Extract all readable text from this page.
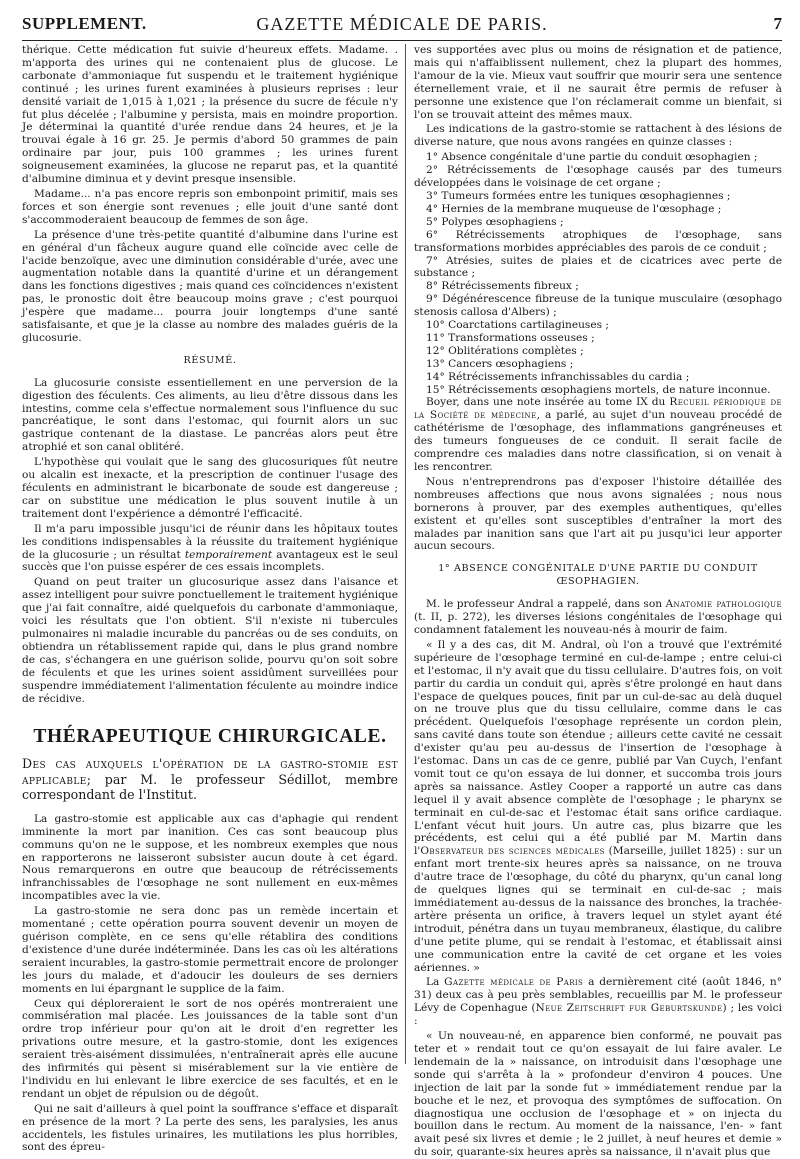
SUPPLEMENT.	GAZETTE MÉDICALE DE PARIS.	7

thérique. Cette médication fut suivie d'heureux effets. Madame. . m'apporta des urines qui ne contenaient plus de glucose. Le carbonate d'ammoniaque fut suspendu et le traitement hygiénique continué ; les urines furent examinées à plusieurs reprises : leur densité variait de 1,015 à 1,021 ; la présence du sucre de fécule n'y fut plus décelée ; l'albumine y persista, mais en moindre proportion. Je déterminai la quantité d'urée rendue dans 24 heures, et je la trouvai égale à 16 gr. 25. Je permis d'abord 50 grammes de pain ordinaire par jour, puis 100 grammes ; les urines furent soigneusement examinées, la glucose ne reparut pas, et la quantité d'albumine diminua et y devint presque insensible.

Madame... n'a pas encore repris son embonpoint primitif, mais ses forces et son énergie sont revenues ; elle jouit d'une santé dont s'accommoderaient beaucoup de femmes de son âge.

La présence d'une très-petite quantité d'albumine dans l'urine est en général d'un fâcheux augure quand elle coïncide avec celle de l'acide benzoïque, avec une diminution considérable d'urée, avec une augmentation notable dans la quantité d'urine et un dérangement dans les fonctions digestives ; mais quand ces coïncidences n'existent pas, le pronostic doit être beaucoup moins grave ; c'est pourquoi j'espère que madame... pourra jouir longtemps d'une santé satisfaisante, et que je la classe au nombre des malades guéris de la glucosurie.

RÉSUMÉ.

La glucosurie consiste essentiellement en une perversion de la digestion des féculents. Ces aliments, au lieu d'être dissous dans les intestins, comme cela s'effectue normalement sous l'influence du suc pancréatique, le sont dans l'estomac, qui fournit alors un suc gastrique contenant de la diastase. Le pancréas alors peut être atrophié et son canal oblitéré.

L'hypothèse qui voulait que le sang des glucosuriques fût neutre ou alcalin est inexacte, et la prescription de continuer l'usage des féculents en administrant le bicarbonate de soude est dangereuse ; car on substitue une médication le plus souvent inutile à un traitement dont l'expérience a démontré l'efficacité.

Il m'a paru impossible jusqu'ici de réunir dans les hôpitaux toutes les conditions indispensables à la réussite du traitement hygiénique de la glucosurie ; un résultat temporairement avantageux est le seul succès que l'on puisse espérer de ces essais incomplets.

Quand on peut traiter un glucosurique assez dans l'aisance et assez intelligent pour suivre ponctuellement le traitement hygiénique que j'ai fait connaître, aidé quelquefois du carbonate d'ammoniaque, voici les résultats que l'on obtient. S'il n'existe ni tubercules pulmonaires ni maladie incurable du pancréas ou de ses conduits, on obtiendra un rétablissement rapide qui, dans le plus grand nombre de cas, s'échangera en une guérison solide, pourvu qu'on soit sobre de féculents et que les urines soient assidûment surveillées pour suspendre immédiatement l'alimentation féculente au moindre indice de récidive.

THÉRAPEUTIQUE CHIRURGICALE.
Des cas auxquels l'opération de la gastro-stomie est applicable; par M. le professeur Sédillot, membre correspondant de l'Institut.

La gastro-stomie est applicable aux cas d'aphagie qui rendent imminente la mort par inanition. Ces cas sont beaucoup plus communs qu'on ne le suppose, et les nombreux exemples que nous en rapporterons ne laisseront subsister aucun doute à cet égard. Nous remarquerons en outre que beaucoup de rétrécissements infranchissables de l'œsophage ne sont nullement en eux-mêmes incompatibles avec la vie.

La gastro-stomie ne sera donc pas un remède incertain et momentané ; cette opération pourra souvent devenir un moyen de guérison complète, en ce sens qu'elle rétablira des conditions d'existence d'une durée indéterminée. Dans les cas où les altérations seraient incurables, la gastro-stomie permettrait encore de prolonger les jours du malade, et d'adoucir les douleurs de ses derniers moments en lui épargnant le supplice de la faim.

Ceux qui déploreraient le sort de nos opérés montreraient une commisération mal placée. Les jouissances de la table sont d'un ordre trop inférieur pour qu'on ait le droit d'en regretter les privations outre mesure, et la gastro-stomie, dont les exigences seraient très-aisément dissimulées, n'entraînerait après elle aucune des infirmités qui pèsent si misérablement sur la vie entière de l'individu en lui enlevant le libre exercice de ses facultés, et en le rendant un objet de répulsion ou de dégoût.

Qui ne sait d'ailleurs à quel point la souffrance s'efface et disparaît en présence de la mort ? La perte des sens, les paralysies, les anus accidentels, les fistules urinaires, les mutilations les plus horribles, sont des épreu-

ves supportées avec plus ou moins de résignation et de patience, mais qui n'affaiblissent nullement, chez la plupart des hommes, l'amour de la vie. Mieux vaut souffrir que mourir sera une sentence éternellement vraie, et il ne saurait être permis de refuser à personne une existence que l'on réclamerait comme un bienfait, si l'on se trouvait atteint des mêmes maux.

Les indications de la gastro-stomie se rattachent à des lésions de diverse nature, que nous avons rangées en quinze classes :

1° Absence congénitale d'une partie du conduit œsophagien ;

2° Rétrécissements de l'œsophage causés par des tumeurs développées dans le voisinage de cet organe ;

3° Tumeurs formées entre les tuniques œsophagiennes ;

4° Hernies de la membrane muqueuse de l'œsophage ;

5° Polypes œsophagiens ;

6° Rétrécissements atrophiques de l'œsophage, sans transformations morbides appréciables des parois de ce conduit ;

7° Atrésies, suites de plaies et de cicatrices avec perte de substance ;

8° Rétrécissements fibreux ;

9° Dégénérescence fibreuse de la tunique musculaire (œsophago stenosis callosa d'Albers) ;

10° Coarctations cartilagineuses ;

11° Transformations osseuses ;

12° Oblitérations complètes ;

13° Cancers œsophagiens ;

14° Rétrécissements infranchissables du cardia ;

15° Rétrécissements œsophagiens mortels, de nature inconnue.

Boyer, dans une note insérée au tome IX du Recueil périodique de la Société de médecine, a parlé, au sujet d'un nouveau procédé de cathétérisme de l'œsophage, des inflammations gangréneuses et des tumeurs fongueuses de ce conduit. Il serait facile de comprendre ces maladies dans notre classification, si on venait à les rencontrer.

Nous n'entreprendrons pas d'exposer l'histoire détaillée des nombreuses affections que nous avons signalées ; nous nous bornerons à prouver, par des exemples authentiques, qu'elles existent et qu'elles sont susceptibles d'entraîner la mort des malades par inanition sans que l'art ait pu jusqu'ici leur apporter aucun secours.

1° ABSENCE CONGÉNITALE D'UNE PARTIE DU CONDUIT ŒSOPHAGIEN.

M. le professeur Andral a rappelé, dans son Anatomie pathologique (t. II, p. 272), les diverses lésions congénitales de l'œsophage qui condamnent fatalement les nouveau-nés à mourir de faim.

« Il y a des cas, dit M. Andral, où l'on a trouvé que l'extrémité supérieure de l'œsophage terminé en cul-de-lampe ; entre celui-ci et l'estomac, il n'y avait que du tissu cellulaire. D'autres fois, on voit partir du cardia un conduit qui, après s'être prolongé en haut dans l'espace de quelques pouces, finit par un cul-de-sac au delà duquel on ne trouve plus que du tissu cellulaire, comme dans le cas précédent. Quelquefois l'œsophage représente un cordon plein, sans cavité dans toute son étendue ; ailleurs cette cavité ne cessait d'exister qu'au peu au-dessus de l'insertion de l'œsophage à l'estomac. Dans un cas de ce genre, publié par Van Cuych, l'enfant vomit tout ce qu'on essaya de lui donner, et succomba trois jours après sa naissance. Astley Cooper a rapporté un autre cas dans lequel il y avait absence complète de l'œsophage ; le pharynx se terminait en cul-de-sac et l'estomac était sans orifice cardiaque. L'enfant vécut huit jours. Un autre cas, plus bizarre que les précédents, est celui qui a été publié par M. Martin dans l'Observateur des sciences médicales (Marseille, juillet 1825) : sur un enfant mort trente-six heures après sa naissance, on ne trouva d'autre trace de l'œsophage, du côté du pharynx, qu'un canal long de quelques lignes qui se terminait en cul-de-sac ; mais immédiatement au-dessus de la naissance des bronches, la trachée-artère présenta un orifice, à travers lequel un stylet ayant été introduit, pénétra dans un tuyau membraneux, élastique, du calibre d'une petite plume, qui se rendait à l'estomac, et établissait ainsi une communication entre la cavité de cet organe et les voies aériennes. »

La Gazette médicale de Paris a dernièrement cité (août 1846, n° 31) deux cas à peu près semblables, recueillis par M. le professeur Lévy de Copenhague (Neue Zeitschrift fur Geburtskunde) ; les voici :

« Un nouveau-né, en apparence bien conformé, ne pouvait pas teter et » rendait tout ce qu'on essayait de lui faire avaler. Le lendemain de la » naissance, on introduisit dans l'œsophage une sonde qui s'arrêta à la » profondeur d'environ 4 pouces. Une injection de lait par la sonde fut » immédiatement rendue par la bouche et le nez, et provoqua des symptômes de suffocation. On diagnostiqua une occlusion de l'œsophage et » on injecta du bouillon dans le rectum. Au moment de la naissance, l'en- » fant avait pesé six livres et demie ; le 2 juillet, à neuf heures et demie » du soir, quarante-six heures après sa naissance, il n'avait plus que
